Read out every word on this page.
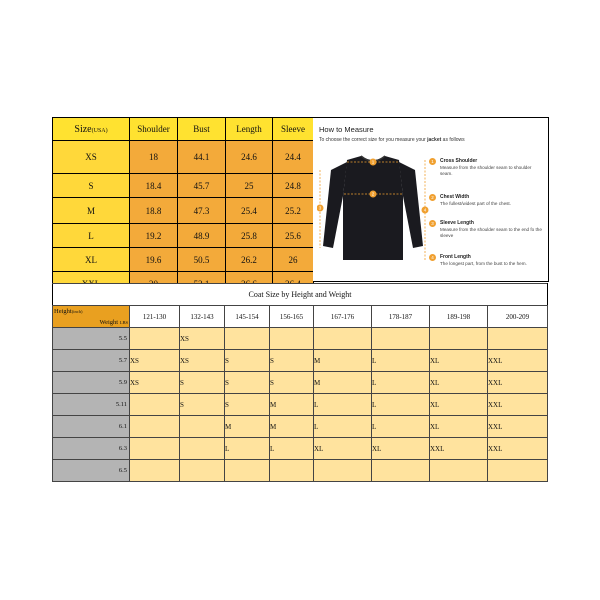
Size(USA)	Shoulder	Bust	Length	Sleeve
XS	18	44.1	24.6	24.4
S	18.4	45.7	25	24.8
M	18.8	47.3	25.4	25.2
L	19.2	48.9	25.8	25.6
XL	19.6	50.5	26.2	26

How to Measure
To choose the correct size for you measure your jacket as follows
1
2
3	4
1	Cross Shoulder
Measure from the shoulder seam to shoulder seam.
2	Chest Width
The fullest/widest part of the chest.
3	Sleeve Length
Measure from the shoulder seam to the end fo the sleeve
4	Front Length
The longest part, from the bust to the hem.
Coat Size by Height and Weight								

Height(inch)
Weight LBS	121-130	132-143	145-154	156-165	167-176	178-187	189-198	200-209
5.5		XS						
5.7	XS	XS	S	S	M	L	XL	XXL
5.9	XS	S	S	S	M	L	XL	XXL
5.11		S	S	M	L	L	XL	XXL
6.1			M	M	L	L	XL	XXL
6.3			L	L	XL	XL	XXL	XXL
6.5								
